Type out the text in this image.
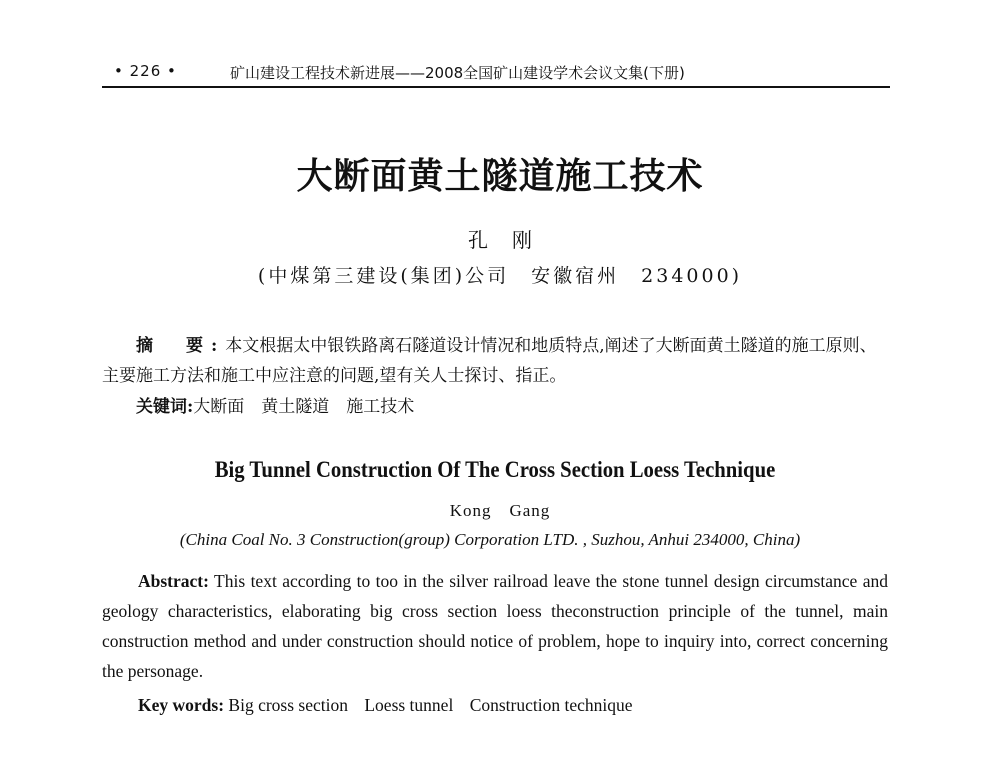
• 226 •	矿山建设工程技术新进展——2008全国矿山建设学术会议文集(下册)
大断面黄土隧道施工技术
孔刚
(中煤第三建设(集团)公司　安徽宿州　234000)

摘　要:本文根据太中银铁路离石隧道设计情况和地质特点,阐述了大断面黄土隧道的施工原则、主要施工方法和施工中应注意的问题,望有关人士探讨、指正。

关键词:大断面　黄土隧道　施工技术
Big Tunnel Construction Of The Cross Section Loess Technique
Kong　Gang
(China Coal No. 3 Construction(group) Corporation LTD. , Suzhou, Anhui 234000, China)

Abstract: This text according to too in the silver railroad leave the stone tunnel design circumstance and geology characteristics, elaborating big cross section loess theconstruction principle of the tunnel, main construction method and under construction should notice of problem, hope to inquiry into, correct concerning the personage.

Key words: Big cross section Loess tunnel Construction technique
